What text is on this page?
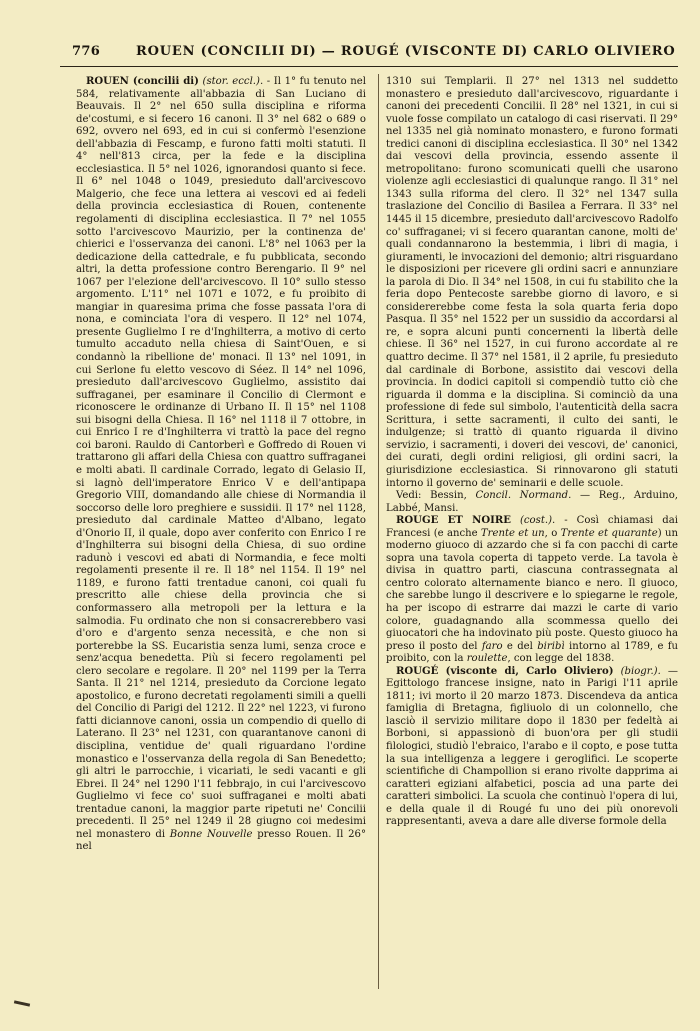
776	ROUEN (CONCILII DI) — ROUGÉ (VISCONTE DI) CARLO OLIVIERO

ROUEN (concilii di) (stor. eccl.). - Il 1° fu tenuto nel 584, relativamente all'abbazia di San Luciano di Beauvais. Il 2° nel 650 sulla disciplina e riforma de'costumi, e si fecero 16 canoni. Il 3° nel 682 o 689 o 692, ovvero nel 693, ed in cui si confermò l'esenzione dell'abbazia di Fescamp, e furono fatti molti statuti. Il 4° nell'813 circa, per la fede e la disciplina ecclesiastica. Il 5° nel 1026, ignorandosi quanto si fece. Il 6° nel 1048 o 1049, presieduto dall'arcivescovo Malgerio, che fece una lettera ai vescovi ed ai fedeli della provincia ecclesiastica di Rouen, contenente regolamenti di disciplina ecclesiastica. Il 7° nel 1055 sotto l'arcivescovo Maurizio, per la continenza de' chierici e l'osservanza dei canoni. L'8° nel 1063 per la dedicazione della cattedrale, e fu pubblicata, secondo altri, la detta professione contro Berengario. Il 9° nel 1067 per l'elezione dell'arcivescovo. Il 10° sullo stesso argomento. L'11° nel 1071 e 1072, e fu proibito di mangiar in quaresima prima che fosse passata l'ora di nona, e cominciata l'ora di vespero. Il 12° nel 1074, presente Guglielmo I re d'Inghilterra, a motivo di certo tumulto accaduto nella chiesa di Saint'Ouen, e si condannò la ribellione de' monaci. Il 13° nel 1091, in cui Serlone fu eletto vescovo di Séez. Il 14° nel 1096, presieduto dall'arcivescovo Guglielmo, assistito dai suffraganei, per esaminare il Concilio di Clermont e riconoscere le ordinanze di Urbano II. Il 15° nel 1108 sui bisogni della Chiesa. Il 16° nel 1118 il 7 ottobre, in cui Enrico I re d'Inghilterra vi trattò la pace del regno coi baroni. Rauldo di Cantorberì e Goffredo di Rouen vi trattarono gli affari della Chiesa con quattro suffraganei e molti abati. Il cardinale Corrado, legato di Gelasio II, si lagnò dell'imperatore Enrico V e dell'antipapa Gregorio VIII, domandando alle chiese di Normandia il soccorso delle loro preghiere e sussidii. Il 17° nel 1128, presieduto dal cardinale Matteo d'Albano, legato d'Onorio II, il quale, dopo aver conferito con Enrico I re d'Inghilterra sui bisogni della Chiesa, di suo ordine radunò i vescovi ed abati di Normandia, e fece molti regolamenti presente il re. Il 18° nel 1154. Il 19° nel 1189, e furono fatti trentadue canoni, coi quali fu prescritto alle chiese della provincia che si conformassero alla metropoli per la lettura e la salmodia. Fu ordinato che non si consacrerebbero vasi d'oro e d'argento senza necessità, e che non si porterebbe la SS. Eucaristia senza lumi, senza croce e senz'acqua benedetta. Più si fecero regolamenti pel clero secolare e regolare. Il 20° nel 1199 per la Terra Santa. Il 21° nel 1214, presieduto da Corcione legato apostolico, e furono decretati regolamenti simili a quelli del Concilio di Parigi del 1212. Il 22° nel 1223, vi furono fatti diciannove canoni, ossia un compendio di quello di Laterano. Il 23° nel 1231, con quarantanove canoni di disciplina, ventidue de' quali riguardano l'ordine monastico e l'osservanza della regola di San Benedetto; gli altri le parrocchie, i vicariati, le sedi vacanti e gli Ebrei. Il 24° nel 1290 l'11 febbrajo, in cui l'arcivescovo Guglielmo vi fece co' suoi suffraganei e molti abati trentadue canoni, la maggior parte ripetuti ne' Concilii precedenti. Il 25° nel 1249 il 28 giugno coi medesimi nel monastero di Bonne Nouvelle presso Rouen. Il 26° nel

1310 sui Templarii. Il 27° nel 1313 nel suddetto monastero e presieduto dall'arcivescovo, riguardante i canoni dei precedenti Concilii. Il 28° nel 1321, in cui si vuole fosse compilato un catalogo di casi riservati. Il 29° nel 1335 nel già nominato monastero, e furono formati tredici canoni di disciplina ecclesiastica. Il 30° nel 1342 dai vescovi della provincia, essendo assente il metropolitano: furono scomunicati quelli che usarono violenze agli ecclesiastici di qualunque rango. Il 31° nel 1343 sulla riforma del clero. Il 32° nel 1347 sulla traslazione del Concilio di Basilea a Ferrara. Il 33° nel 1445 il 15 dicembre, presieduto dall'arcivescovo Radolfo co' suffraganei; vi si fecero quarantan canone, molti de' quali condannarono la bestemmia, i libri di magia, i giuramenti, le invocazioni del demonio; altri risguardano le disposizioni per ricevere gli ordini sacri e annunziare la parola di Dio. Il 34° nel 1508, in cui fu stabilito che la feria dopo Pentecoste sarebbe giorno di lavoro, e si considererebbe come festa la sola quarta feria dopo Pasqua. Il 35° nel 1522 per un sussidio da accordarsi al re, e sopra alcuni punti concernenti la libertà delle chiese. Il 36° nel 1527, in cui furono accordate al re quattro decime. Il 37° nel 1581, il 2 aprile, fu presieduto dal cardinale di Borbone, assistito dai vescovi della provincia. In dodici capitoli si compendiò tutto ciò che riguarda il domma e la disciplina. Si cominciò da una professione di fede sul simbolo, l'autenticità della sacra Scrittura, i sette sacramenti, il culto dei santi, le indulgenze; si trattò di quanto riguarda il divino servizio, i sacramenti, i doveri dei vescovi, de' canonici, dei curati, degli ordini religiosi, gli ordini sacri, la giurisdizione ecclesiastica. Si rinnovarono gli statuti intorno il governo de' seminarii e delle scuole.

Vedi: Bessin, Concil. Normand. — Reg., Arduino, Labbé, Mansi.

ROUGE ET NOIRE (cost.). - Così chiamasi dai Francesi (e anche Trente et un, o Trente et quarante) un moderno giuoco di azzardo che si fa con pacchi di carte sopra una tavola coperta di tappeto verde. La tavola è divisa in quattro parti, ciascuna contrassegnata al centro colorato alternamente bianco e nero. Il giuoco, che sarebbe lungo il descrivere e lo spiegarne le regole, ha per iscopo di estrarre dai mazzi le carte di vario colore, guadagnando alla scommessa quello dei giuocatori che ha indovinato più poste. Questo giuoco ha preso il posto del faro e del biribì intorno al 1789, e fu proibito, con la roulette, con legge del 1838.

ROUGÉ (visconte di, Carlo Oliviero) (biogr.). — Egittologo francese insigne, nato in Parigi l'11 aprile 1811; ivi morto il 20 marzo 1873. Discendeva da antica famiglia di Bretagna, figliuolo di un colonnello, che lasciò il servizio militare dopo il 1830 per fedeltà ai Borboni, si appassionò di buon'ora per gli studii filologici, studiò l'ebraico, l'arabo e il copto, e pose tutta la sua intelligenza a leggere i geroglifici. Le scoperte scientifiche di Champollion si erano rivolte dapprima ai caratteri egiziani alfabetici, poscia ad una parte dei caratteri simbolici. La scuola che continuò l'opera di lui, e della quale il di Rougé fu uno dei più onorevoli rappresentanti, aveva a dare alle diverse formole della
